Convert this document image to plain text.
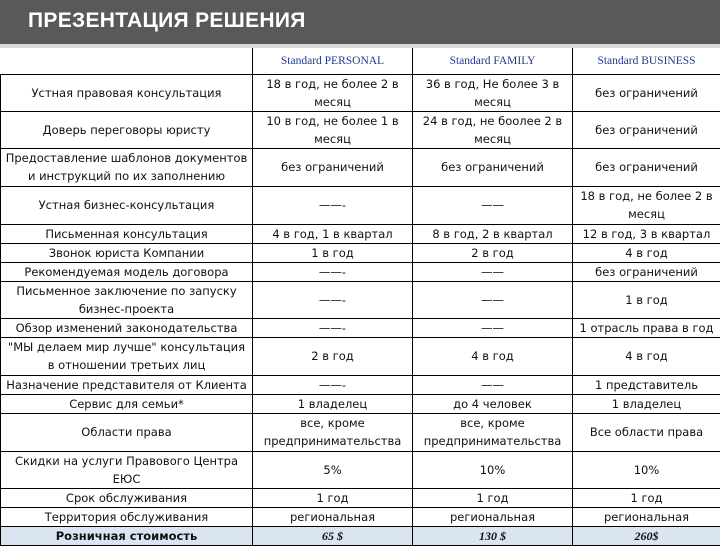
ПРЕЗЕНТАЦИЯ РЕШЕНИЯ
	Standard PERSONAL	Standard FAMILY	Standard BUSINESS
Устная правовая консультация	18 в год, не более 2 в месяц	36 в год, Не более 3 в месяц	без ограничений
Доверь переговоры юристу	10 в год, не более 1 в месяц	24 в год, не боолее 2 в месяц	без ограничений
Предоставление шаблонов документов и инструкций по их заполнению	без ограничений	без ограничений	без ограничений
Устная бизнес-консультация	——-	——	18 в год, не более 2 в месяц
Письменная консультация	4 в год, 1 в квартал	8 в год, 2 в квартал	12 в год, 3 в квартал
Звонок юриста Компании	1 в год	2 в год	4 в год
Рекомендуемая модель договора	——-	——	без ограничений
Письменное заключение по запуску бизнес-проекта	——-	——	1 в год
Обзор изменений законодательства	——-	——	1 отрасль права в год
"МЫ делаем мир лучше" консультация в отношении третьих лиц	2 в год	4 в год	4 в год
Назначение представителя от Клиента	——-	——	1 представитель
Сервис для семьи*	1 владелец	до 4 человек	1 владелец
Области права	все, кроме предпринимательства	все, кроме предпринимательства	Все области права
Скидки на услуги Правового Центра ЕЮС	5%	10%	10%
Срок обслуживания	1 год	1 год	1 год
Территория обслуживания	региональная	региональная	региональная
Розничная стоимость	65 $	130 $	260$
